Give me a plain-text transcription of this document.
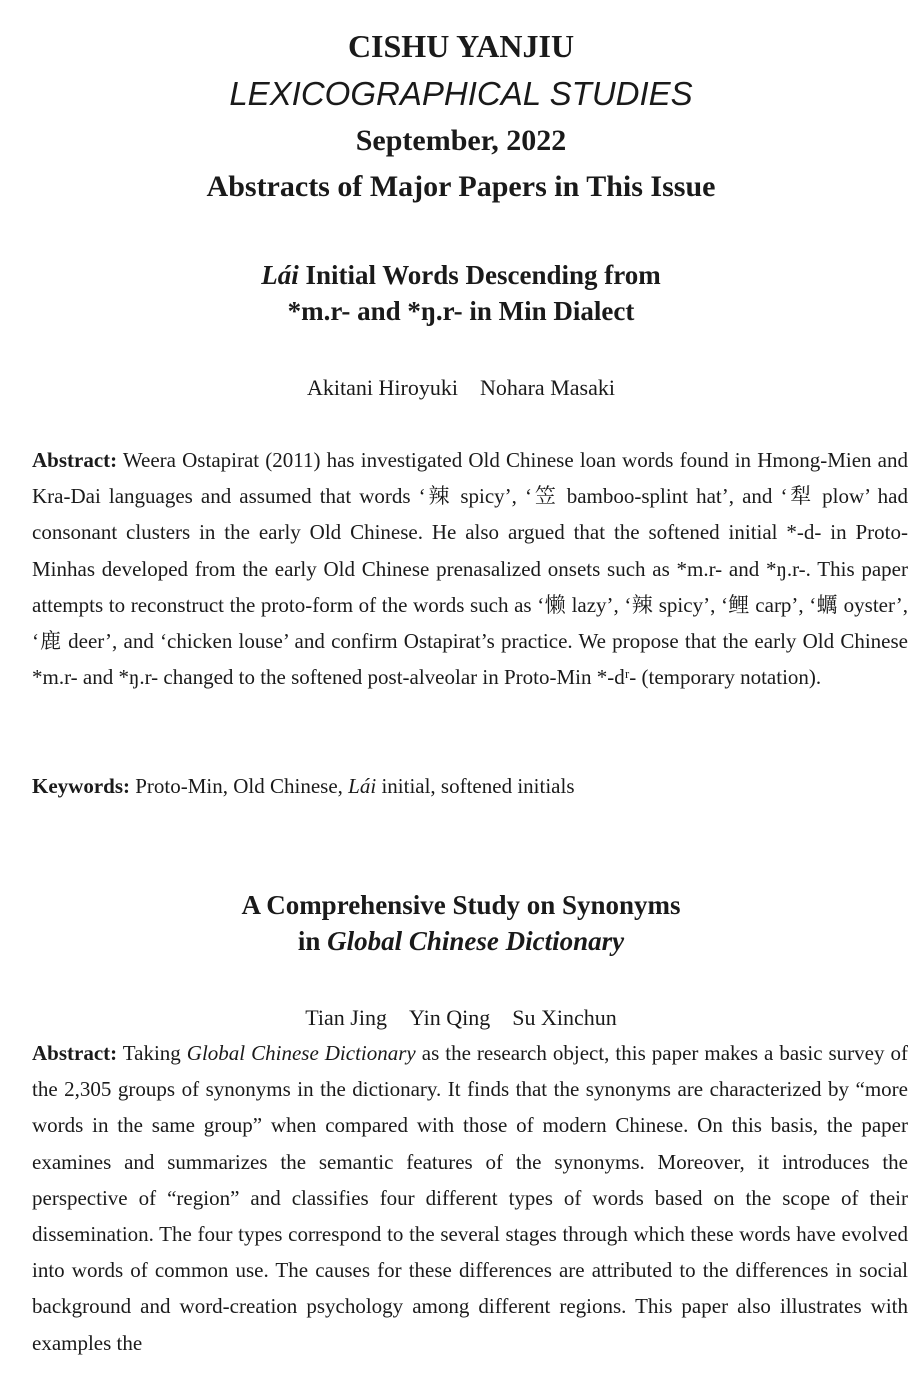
CISHU YANJIU
LEXICOGRAPHICAL STUDIES
September, 2022
Abstracts of Major Papers in This Issue
Lái Initial Words Descending from
*m.r- and *ŋ.r- in Min Dialect
Akitani Hiroyuki Nohara Masaki
Abstract: Weera Ostapirat (2011) has investigated Old Chinese loan words found in Hmong-Mien and Kra-Dai languages and assumed that words ‘辣 spicy’, ‘笠 bamboo-splint hat’, and ‘犁 plow’ had consonant clusters in the early Old Chinese. He also argued that the softened initial *-d- in Proto-Minhas developed from the early Old Chinese prenasalized onsets such as *m.r- and *ŋ.r-. This paper attempts to reconstruct the proto-form of the words such as ‘懒 lazy’, ‘辣 spicy’, ‘鲤 carp’, ‘蠣 oyster’, ‘鹿 deer’, and ‘chicken louse’ and confirm Ostapirat’s practice. We propose that the early Old Chinese *m.r- and *ŋ.r- changed to the softened post-alveolar in Proto-Min *-dʳ- (temporary notation).
Keywords: Proto-Min, Old Chinese, Lái initial, softened initials
A Comprehensive Study on Synonyms
in Global Chinese Dictionary
Tian Jing Yin Qing Su Xinchun
Abstract: Taking Global Chinese Dictionary as the research object, this paper makes a basic survey of the 2,305 groups of synonyms in the dictionary. It finds that the synonyms are characterized by “more words in the same group” when compared with those of modern Chinese. On this basis, the paper examines and summarizes the semantic features of the synonyms. Moreover, it introduces the perspective of “region” and classifies four different types of words based on the scope of their dissemination. The four types correspond to the several stages through which these words have evolved into words of common use. The causes for these differences are attributed to the differences in social background and word-creation psychology among different regions. This paper also illustrates with examples the
